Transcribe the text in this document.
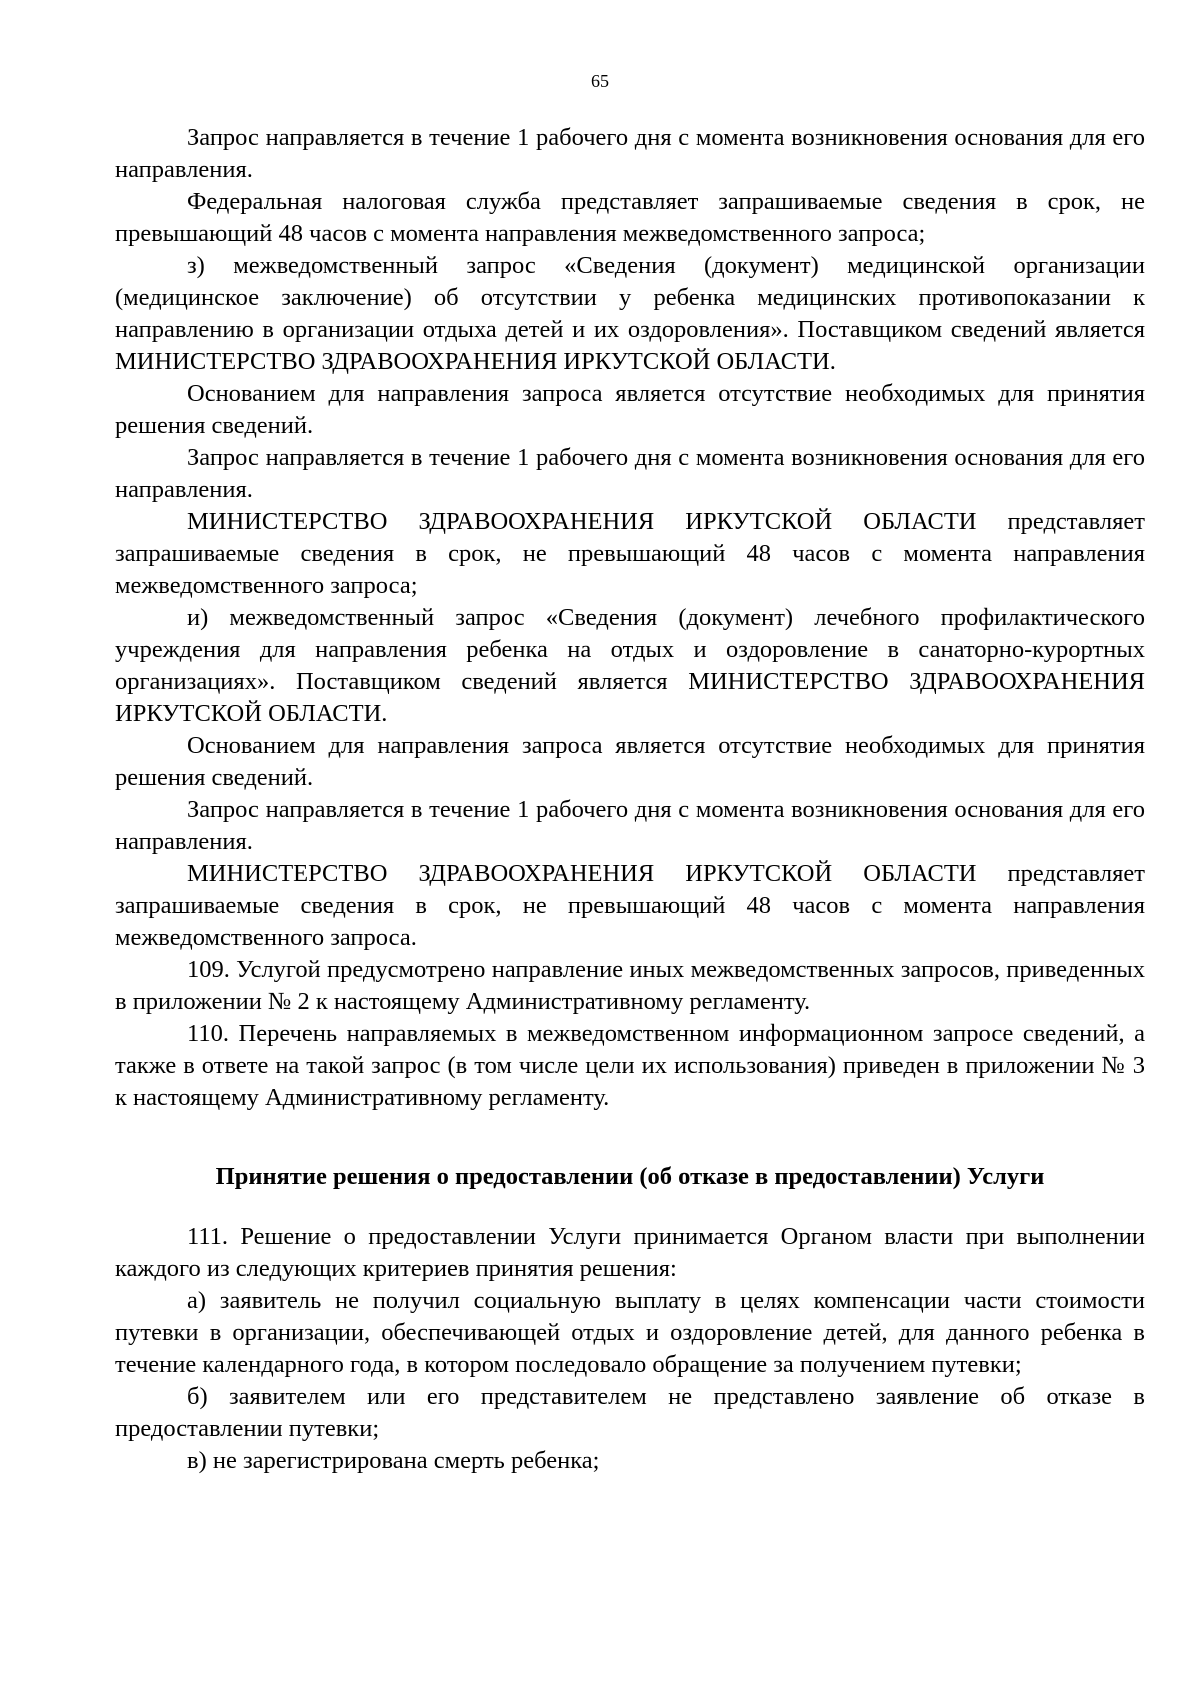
65

Запрос направляется в течение 1 рабочего дня с момента возникновения основания для его направления.

Федеральная налоговая служба представляет запрашиваемые сведения в срок, не превышающий 48 часов с момента направления межведомственного запроса;

з) межведомственный запрос «Сведения (документ) медицинской организации (медицинское заключение) об отсутствии у ребенка медицинских противопоказании к направлению в организации отдыха детей и их оздоровления». Поставщиком сведений является МИНИСТЕРСТВО ЗДРАВООХРАНЕНИЯ ИРКУТСКОЙ ОБЛАСТИ.

Основанием для направления запроса является отсутствие необходимых для принятия решения сведений.

Запрос направляется в течение 1 рабочего дня с момента возникновения основания для его направления.

МИНИСТЕРСТВО ЗДРАВООХРАНЕНИЯ ИРКУТСКОЙ ОБЛАСТИ представляет запрашиваемые сведения в срок, не превышающий 48 часов с момента направления межведомственного запроса;

и) межведомственный запрос «Сведения (документ) лечебного профилактического учреждения для направления ребенка на отдых и оздоровление в санаторно-курортных организациях». Поставщиком сведений является МИНИСТЕРСТВО ЗДРАВООХРАНЕНИЯ ИРКУТСКОЙ ОБЛАСТИ.

Основанием для направления запроса является отсутствие необходимых для принятия решения сведений.

Запрос направляется в течение 1 рабочего дня с момента возникновения основания для его направления.

МИНИСТЕРСТВО ЗДРАВООХРАНЕНИЯ ИРКУТСКОЙ ОБЛАСТИ представляет запрашиваемые сведения в срок, не превышающий 48 часов с момента направления межведомственного запроса.

109. Услугой предусмотрено направление иных межведомственных запросов, приведенных в приложении № 2 к настоящему Административному регламенту.

110. Перечень направляемых в межведомственном информационном запросе сведений, а также в ответе на такой запрос (в том числе цели их использования) приведен в приложении № 3 к настоящему Административному регламенту.

Принятие решения о предоставлении (об отказе в предоставлении) Услуги

111. Решение о предоставлении Услуги принимается Органом власти при выполнении каждого из следующих критериев принятия решения:

а) заявитель не получил социальную выплату в целях компенсации части стоимости путевки в организации, обеспечивающей отдых и оздоровление детей, для данного ребенка в течение календарного года, в котором последовало обращение за получением путевки;

б) заявителем или его представителем не представлено заявление об отказе в предоставлении путевки;

в) не зарегистрирована смерть ребенка;
